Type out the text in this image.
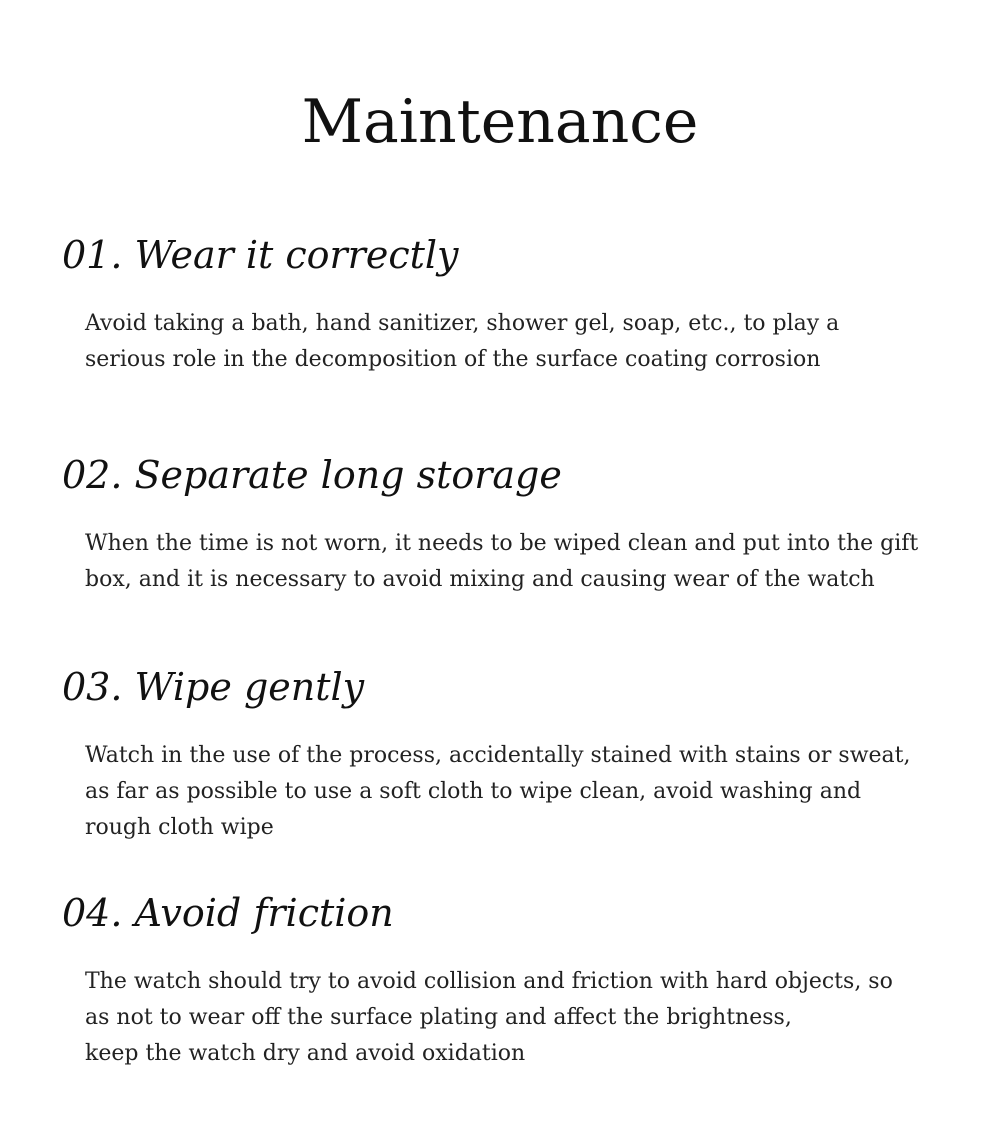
Maintenance
01. Wear it correctly

Avoid taking a bath, hand sanitizer, shower gel, soap, etc., to play a
serious role in the decomposition of the surface coating corrosion

02. Separate long storage

When the time is not worn, it needs to be wiped clean and put into the gift
box, and it is necessary to avoid mixing and causing wear of the watch

03. Wipe gently

Watch in the use of the process, accidentally stained with stains or sweat,
as far as possible to use a soft cloth to wipe clean, avoid washing and
rough cloth wipe

04. Avoid friction

The watch should try to avoid collision and friction with hard objects, so
as not to wear off the surface plating and affect the brightness,
keep the watch dry and avoid oxidation
